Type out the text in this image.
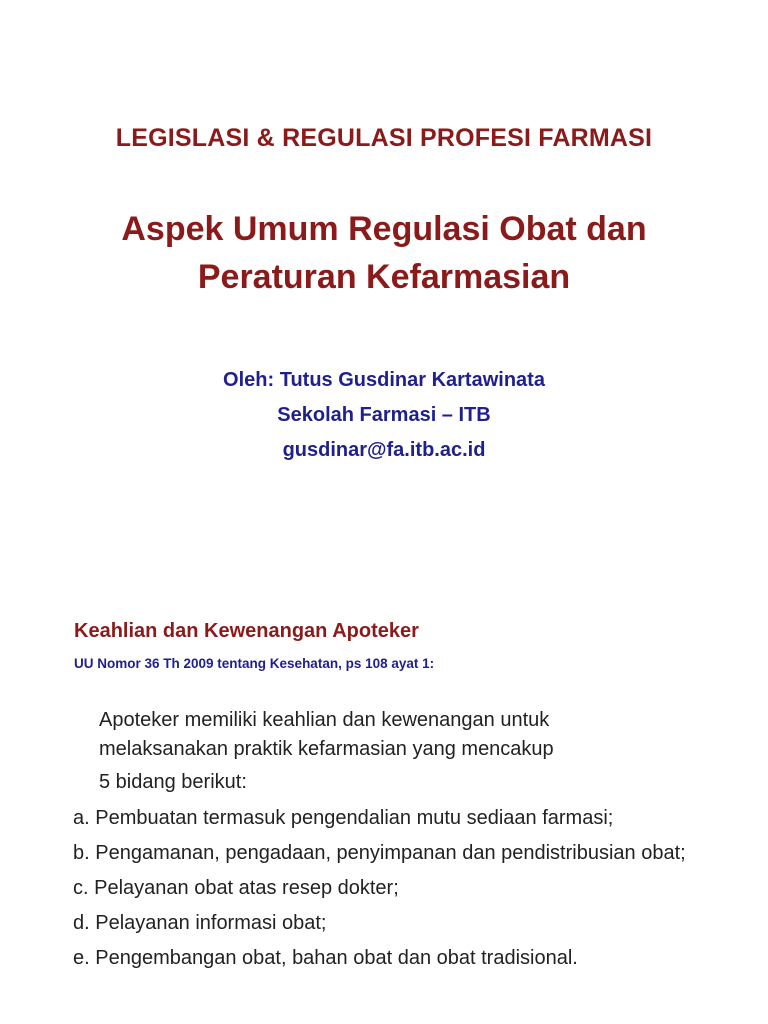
LEGISLASI & REGULASI PROFESI FARMASI
Aspek Umum Regulasi Obat dan
Peraturan Kefarmasian
Oleh: Tutus Gusdinar Kartawinata
Sekolah Farmasi – ITB
gusdinar@fa.itb.ac.id
Keahlian dan Kewenangan Apoteker
UU Nomor 36 Th 2009 tentang Kesehatan, ps 108 ayat 1:
Apoteker memiliki keahlian dan kewenangan untuk
melaksanakan praktik kefarmasian yang mencakup
5 bidang berikut:
a. Pembuatan termasuk pengendalian mutu sediaan farmasi;
b. Pengamanan, pengadaan, penyimpanan dan pendistribusian obat;
c. Pelayanan obat atas resep dokter;
d. Pelayanan informasi obat;
e. Pengembangan obat, bahan obat dan obat tradisional.
